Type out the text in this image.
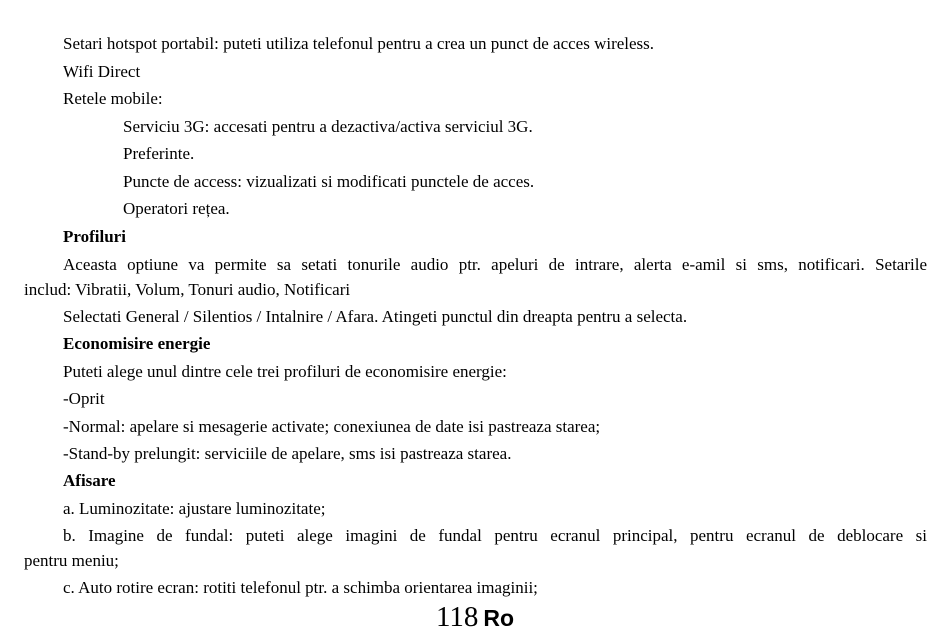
Setari hotspot portabil: puteti utiliza telefonul pentru a crea un punct de acces wireless.
Wifi Direct
Retele mobile:
Serviciu 3G: accesati pentru a dezactiva/activa serviciul 3G.
Preferinte.
Puncte de access: vizualizati si modificati punctele de acces.
Operatori rețea.
Profiluri
Aceasta optiune va permite sa setati tonurile audio ptr. apeluri de intrare, alerta e-amil si sms, notificari. Setarile
includ: Vibratii, Volum, Tonuri audio, Notificari
Selectati General / Silentios / Intalnire / Afara. Atingeti punctul din dreapta pentru a selecta.
Economisire energie
Puteti alege unul dintre cele trei profiluri de economisire energie:
-Oprit
-Normal: apelare si mesagerie activate; conexiunea de date isi pastreaza starea;
-Stand-by prelungit: serviciile de apelare, sms isi pastreaza starea.
Afisare
a. Luminozitate: ajustare luminozitate;
b. Imagine de fundal: puteti alege imagini de fundal pentru ecranul principal, pentru ecranul de deblocare si
pentru meniu;
c. Auto rotire ecran: rotiti telefonul ptr. a schimba orientarea imaginii;
118 Ro
